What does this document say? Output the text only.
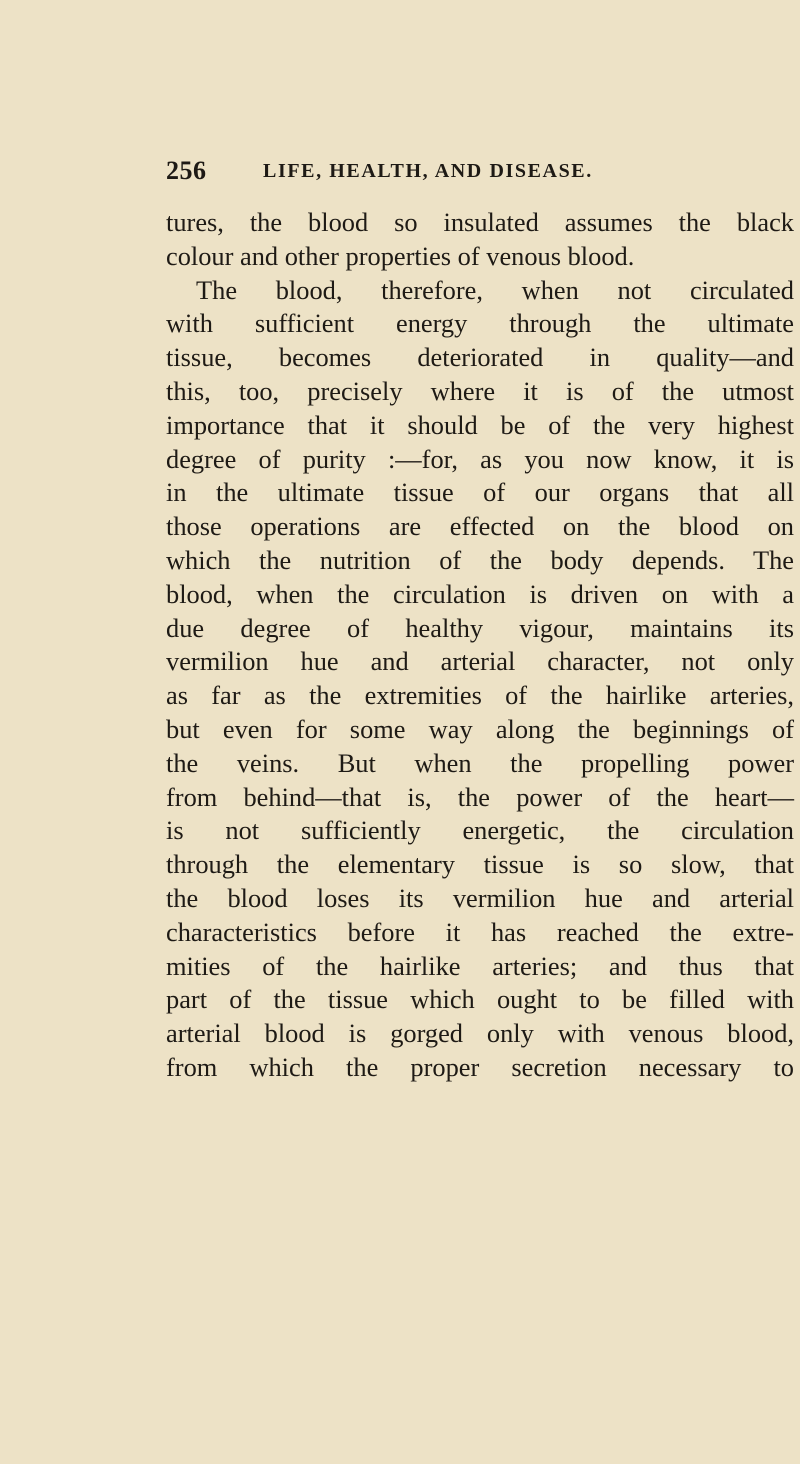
256	LIFE, HEALTH, AND DISEASE.
tures, the blood so insulated assumes the black
colour and other properties of venous blood.
The blood, therefore, when not circulated
with sufficient energy through the ultimate
tissue, becomes deteriorated in quality—and
this, too, precisely where it is of the utmost
importance that it should be of the very highest
degree of purity :—for, as you now know, it is
in the ultimate tissue of our organs that all
those operations are effected on the blood on
which the nutrition of the body depends. The
blood, when the circulation is driven on with a
due degree of healthy vigour, maintains its
vermilion hue and arterial character, not only
as far as the extremities of the hairlike arteries,
but even for some way along the beginnings of
the veins. But when the propelling power
from behind—that is, the power of the heart—
is not sufficiently energetic, the circulation
through the elementary tissue is so slow, that
the blood loses its vermilion hue and arterial
characteristics before it has reached the extre-
mities of the hairlike arteries; and thus that
part of the tissue which ought to be filled with
arterial blood is gorged only with venous blood,
from which the proper secretion necessary to
